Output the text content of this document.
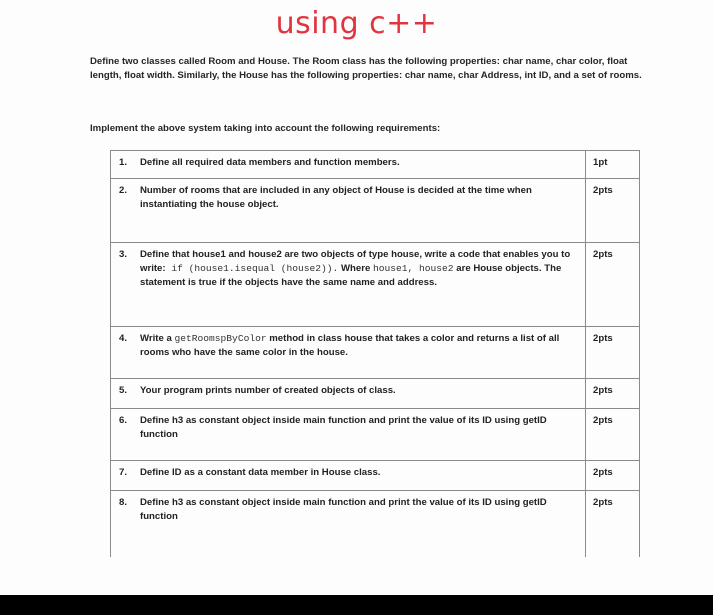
using c++
Define two classes called Room and House. The Room class has the following properties: char name, char color, float length, float width. Similarly, the House has the following properties: char name, char Address, int ID, and a set of rooms.
Implement the above system taking into account the following requirements:
1. Define all required data members and function members.	1pt
2. Number of rooms that are included in any object of House is decided at the time when instantiating the house object.	2pts
3. Define that house1 and house2 are two objects of type house, write a code that enables you to write: if (house1.isequal (house2)). Where house1, house2 are House objects. The statement is true if the objects have the same name and address.	2pts
4. Write a getRoomspByColor method in class house that takes a color and returns a list of all rooms who have the same color in the house.	2pts
5. Your program prints number of created objects of class.	2pts
6. Define h3 as constant object inside main function and print the value of its ID using getID function	2pts
7. Define ID as a constant data member in House class.	2pts
8. Define h3 as constant object inside main function and print the value of its ID using getID function	2pts
